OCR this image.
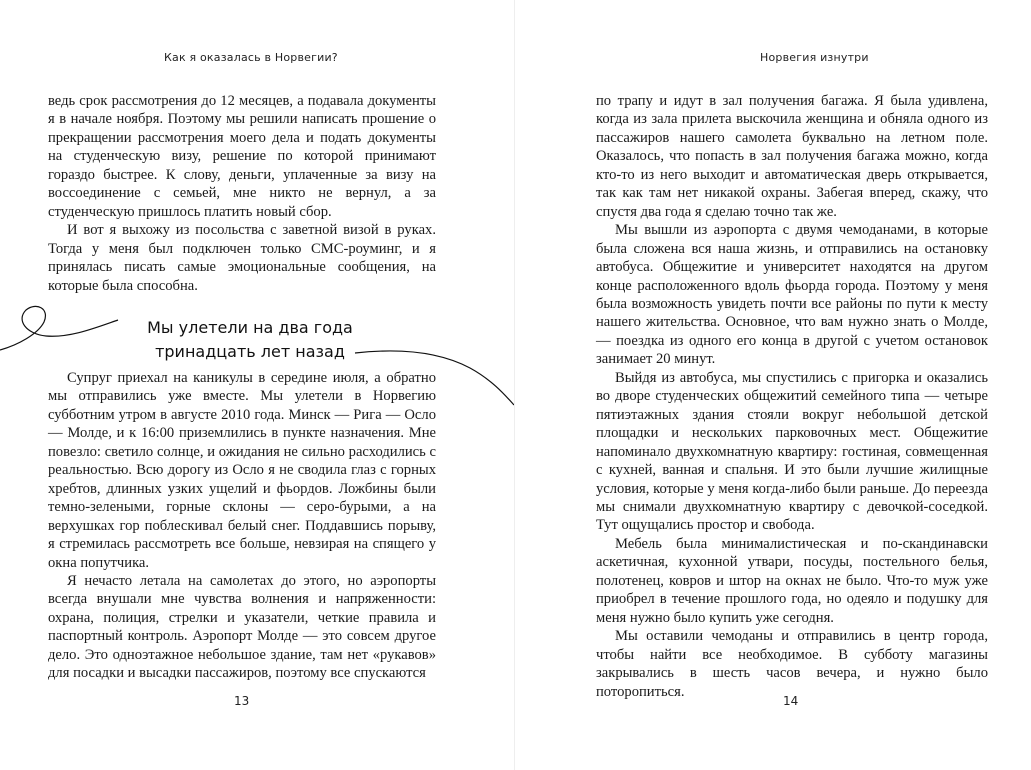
Как я оказалась в Норвегии?

ведь срок рассмотрения до 12 месяцев, а подавала документы я в начале ноября. Поэтому мы решили написать прошение о прекращении рассмотрения моего дела и подать документы на студенческую визу, решение по которой принимают гораздо быстрее. К слову, деньги, уплаченные за визу на воссоединение с семьей, мне никто не вернул, а за студенческую пришлось платить новый сбор.

И вот я выхожу из посольства с заветной визой в руках. Тогда у меня был подключен только СМС-роуминг, и я принялась писать самые эмоциональные сообщения, на которые была способна.

Мы улетели на два года
тринадцать лет назад

Супруг приехал на каникулы в середине июля, а обратно мы отправились уже вместе. Мы улетели в Норвегию субботним утром в августе 2010 года. Минск — Рига — Осло — Молде, и к 16:00 приземлились в пункте назначения. Мне повезло: светило солнце, и ожидания не сильно расходились с реальностью. Всю дорогу из Осло я не сводила глаз с горных хребтов, длинных узких ущелий и фьордов. Ложбины были темно-зелеными, горные склоны — серо-бурыми, а на верхушках гор поблескивал белый снег. Поддавшись порыву, я стремилась рассмотреть все больше, невзирая на спящего у окна попутчика.

Я нечасто летала на самолетах до этого, но аэропорты всегда внушали мне чувства волнения и напряженности: охрана, полиция, стрелки и указатели, четкие правила и паспортный контроль. Аэропорт Молде — это совсем другое дело. Это одноэтажное небольшое здание, там нет «рукавов» для посадки и высадки пассажиров, поэтому все спускаются

13
Норвегия изнутри

по трапу и идут в зал получения багажа. Я была удивлена, когда из зала прилета выскочила женщина и обняла одного из пассажиров нашего самолета буквально на летном поле. Оказалось, что попасть в зал получения багажа можно, когда кто-то из него выходит и автоматическая дверь открывается, так как там нет никакой охраны. Забегая вперед, скажу, что спустя два года я сделаю точно так же.

Мы вышли из аэропорта с двумя чемоданами, в которые была сложена вся наша жизнь, и отправились на остановку автобуса. Общежитие и университет находятся на другом конце расположенного вдоль фьорда города. Поэтому у меня была возможность увидеть почти все районы по пути к месту нашего жительства. Основное, что вам нужно знать о Молде, — поездка из одного его конца в другой с учетом остановок занимает 20 минут.

Выйдя из автобуса, мы спустились с пригорка и оказались во дворе студенческих общежитий семейного типа — четыре пятиэтажных здания стояли вокруг небольшой детской площадки и нескольких парковочных мест. Общежитие напоминало двухкомнатную квартиру: гостиная, совмещенная с кухней, ванная и спальня. И это были лучшие жилищные условия, которые у меня когда-либо были раньше. До переезда мы снимали двухкомнатную квартиру с девочкой-соседкой. Тут ощущались простор и свобода.

Мебель была минималистическая и по-скандинавски аскетичная, кухонной утвари, посуды, постельного белья, полотенец, ковров и штор на окнах не было. Что-то муж уже приобрел в течение прошлого года, но одеяло и подушку для меня нужно было купить уже сегодня.

Мы оставили чемоданы и отправились в центр города, чтобы найти все необходимое. В субботу магазины закрывались в шесть часов вечера, и нужно было поторопиться.

14
